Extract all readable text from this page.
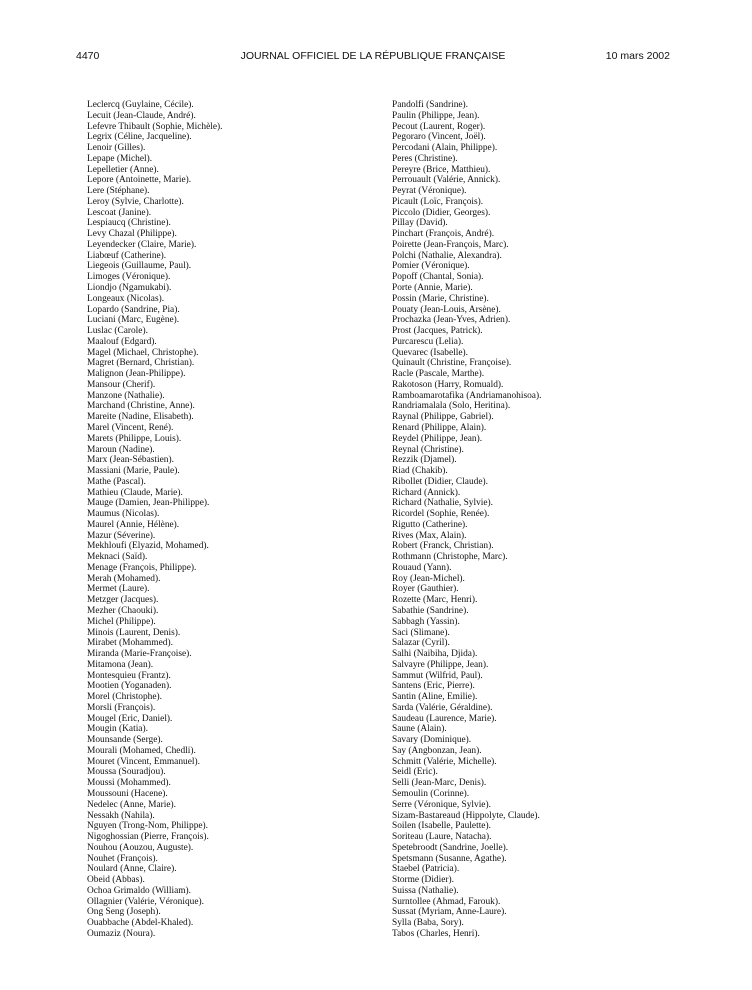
4470	JOURNAL OFFICIEL DE LA RÉPUBLIQUE FRANÇAISE	10 mars 2002
Leclercq (Guylaine, Cécile).
Lecuit (Jean-Claude, André).
Lefevre Thibault (Sophie, Michèle).
Legrix (Céline, Jacqueline).
Lenoir (Gilles).
Lepape (Michel).
Lepelletier (Anne).
Lepore (Antoinette, Marie).
Lere (Stéphane).
Leroy (Sylvie, Charlotte).
Lescoat (Janine).
Lespiaucq (Christine).
Levy Chazal (Philippe).
Leyendecker (Claire, Marie).
Liabœuf (Catherine).
Liegeois (Guillaume, Paul).
Limoges (Véronique).
Liondjo (Ngamukabi).
Longeaux (Nicolas).
Lopardo (Sandrine, Pia).
Luciani (Marc, Eugène).
Luslac (Carole).
Maalouf (Edgard).
Magel (Michael, Christophe).
Magret (Bernard, Christian).
Malignon (Jean-Philippe).
Mansour (Cherif).
Manzone (Nathalie).
Marchand (Christine, Anne).
Mareite (Nadine, Elisabeth).
Marel (Vincent, René).
Marets (Philippe, Louis).
Maroun (Nadine).
Marx (Jean-Sébastien).
Massiani (Marie, Paule).
Mathe (Pascal).
Mathieu (Claude, Marie).
Mauge (Damien, Jean-Philippe).
Maumus (Nicolas).
Maurel (Annie, Hélène).
Mazur (Séverine).
Mekhloufi (Elyazid, Mohamed).
Meknaci (Saïd).
Menage (François, Philippe).
Merah (Mohamed).
Mermet (Laure).
Metzger (Jacques).
Mezher (Chaouki).
Michel (Philippe).
Minois (Laurent, Denis).
Mirabet (Mohammed).
Miranda (Marie-Françoise).
Mitamona (Jean).
Montesquieu (Frantz).
Mootien (Yoganaden).
Morel (Christophe).
Morsli (François).
Mougel (Eric, Daniel).
Mougin (Katia).
Mounsande (Serge).
Mourali (Mohamed, Chedli).
Mouret (Vincent, Emmanuel).
Moussa (Souradjou).
Moussi (Mohammed).
Moussouni (Hacene).
Nedelec (Anne, Marie).
Nessakh (Nahila).
Nguyen (Trong-Nom, Philippe).
Nigoghossian (Pierre, François).
Nouhou (Aouzou, Auguste).
Nouhet (François).
Noulard (Anne, Claire).
Obeid (Abbas).
Ochoa Grimaldo (William).
Ollagnier (Valérie, Véronique).
Ong Seng (Joseph).
Ouabbache (Abdel-Khaled).
Oumaziz (Noura).
Pandolfi (Sandrine).
Paulin (Philippe, Jean).
Pecout (Laurent, Roger).
Pegoraro (Vincent, Joël).
Percodani (Alain, Philippe).
Peres (Christine).
Pereyre (Brice, Matthieu).
Perrouault (Valérie, Annick).
Peyrat (Véronique).
Picault (Loïc, François).
Piccolo (Didier, Georges).
Pillay (David).
Pinchart (François, André).
Poirette (Jean-François, Marc).
Polchi (Nathalie, Alexandra).
Pomier (Véronique).
Popoff (Chantal, Sonia).
Porte (Annie, Marie).
Possin (Marie, Christine).
Pouaty (Jean-Louis, Arsène).
Prochazka (Jean-Yves, Adrien).
Prost (Jacques, Patrick).
Purcarescu (Lelia).
Quevarec (Isabelle).
Quinault (Christine, Françoise).
Racle (Pascale, Marthe).
Rakotoson (Harry, Romuald).
Ramboamarotafika (Andriamanohisoa).
Randriamalala (Solo, Heritina).
Raynal (Philippe, Gabriel).
Renard (Philippe, Alain).
Reydel (Philippe, Jean).
Reynal (Christine).
Rezzik (Djamel).
Riad (Chakib).
Ribollet (Didier, Claude).
Richard (Annick).
Richard (Nathalie, Sylvie).
Ricordel (Sophie, Renée).
Rigutto (Catherine).
Rives (Max, Alain).
Robert (Franck, Christian).
Rothmann (Christophe, Marc).
Rouaud (Yann).
Roy (Jean-Michel).
Royer (Gauthier).
Rozette (Marc, Henri).
Sabathie (Sandrine).
Sabbagh (Yassin).
Saci (Slimane).
Salazar (Cyril).
Salhi (Naibiha, Djida).
Salvayre (Philippe, Jean).
Sammut (Wilfrid, Paul).
Santens (Eric, Pierre).
Santin (Aline, Emilie).
Sarda (Valérie, Géraldine).
Saudeau (Laurence, Marie).
Saune (Alain).
Savary (Dominique).
Say (Angbonzan, Jean).
Schmitt (Valérie, Michelle).
Seidl (Eric).
Selli (Jean-Marc, Denis).
Semoulin (Corinne).
Serre (Véronique, Sylvie).
Sizam-Bastareaud (Hippolyte, Claude).
Soilen (Isabelle, Paulette).
Soriteau (Laure, Natacha).
Spetebroodt (Sandrine, Joelle).
Spetsmann (Susanne, Agathe).
Staebel (Patricia).
Storme (Didier).
Suissa (Nathalie).
Surntollee (Ahmad, Farouk).
Sussat (Myriam, Anne-Laure).
Sylla (Baba, Sory).
Tabos (Charles, Henri).
